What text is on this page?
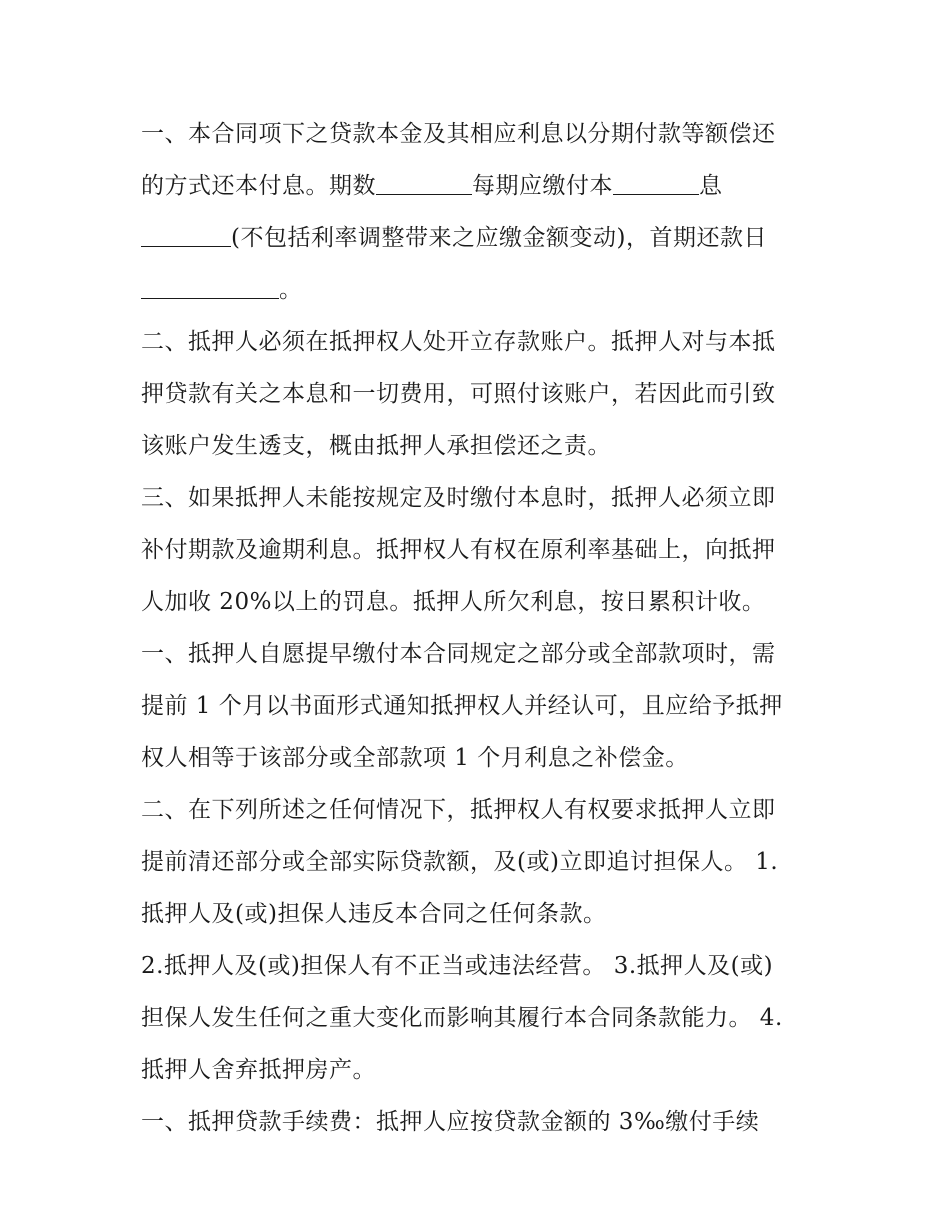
一、本合同项下之贷款本金及其相应利息以分期付款等额偿还
的方式还本付息。期数	每期应缴付本	息
(不包括利率调整带来之应缴金额变动)，首期还款日
。
二、抵押人必须在抵押权人处开立存款账户。抵押人对与本抵
押贷款有关之本息和一切费用，可照付该账户，若因此而引致
该账户发生透支，概由抵押人承担偿还之责。
三、如果抵押人未能按规定及时缴付本息时，抵押人必须立即
补付期款及逾期利息。抵押权人有权在原利率基础上，向抵押
人加收 20%以上的罚息。抵押人所欠利息，按日累积计收。
一、抵押人自愿提早缴付本合同规定之部分或全部款项时，需
提前 1 个月以书面形式通知抵押权人并经认可，且应给予抵押
权人相等于该部分或全部款项 1 个月利息之补偿金。
二、在下列所述之任何情况下，抵押权人有权要求抵押人立即
提前清还部分或全部实际贷款额，及(或)立即追讨担保人。 1.
抵押人及(或)担保人违反本合同之任何条款。
2.抵押人及(或)担保人有不正当或违法经营。 3.抵押人及(或)
担保人发生任何之重大变化而影响其履行本合同条款能力。 4.
抵押人舍弃抵押房产。
一、抵押贷款手续费：抵押人应按贷款金额的 3‰缴付手续
